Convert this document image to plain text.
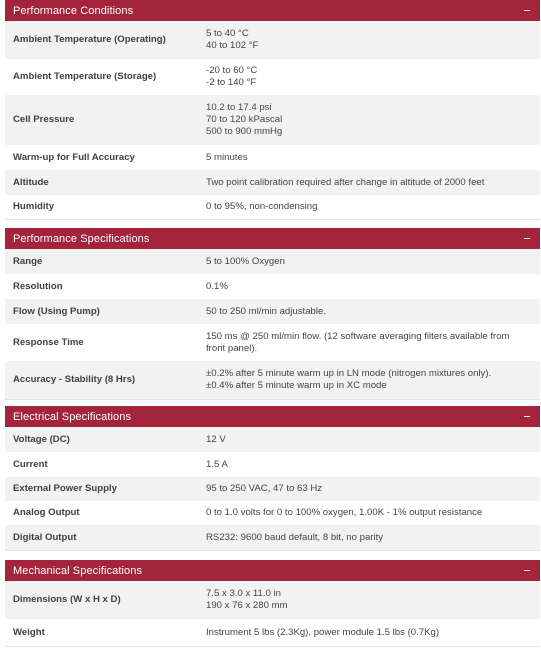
Performance Conditions
Ambient Temperature (Operating)	5 to 40 °C
40 to 102 °F

Ambient Temperature (Storage)	-20 to 60 °C
-2 to 140 °F

Cell Pressure	10.2 to 17.4 psi
70 to 120 kPascal
500 to 900 mmHg

Warm-up for Full Accuracy	5 minutes
Altitude	Two point calibration required after change in altitude of 2000 feet
Humidity	0 to 95%, non-condensing
Performance Specifications
Range	5 to 100% Oxygen
Resolution	0.1%
Flow (Using Pump)	50 to 250 ml/min adjustable.
Response Time	150 ms @ 250 ml/min flow. (12 software averaging filters available from
front panel).

Accuracy - Stability (8 Hrs)	±0.2% after 5 minute warm up in LN mode (nitrogen mixtures only).
±0.4% after 5 minute warm up in XC mode
Electrical Specifications
Voltage (DC)	12 V
Current	1.5 A
External Power Supply	95 to 250 VAC, 47 to 63 Hz
Analog Output	0 to 1.0 volts for 0 to 100% oxygen, 1.00K - 1% output resistance
Digital Output	RS232: 9600 baud default, 8 bit, no parity
Mechanical Specifications
Dimensions (W x H x D)	7.5 x 3.0 x 11.0 in
190 x 76 x 280 mm

Weight	Instrument 5 lbs (2.3Kg), power module 1.5 lbs (0.7Kg)
